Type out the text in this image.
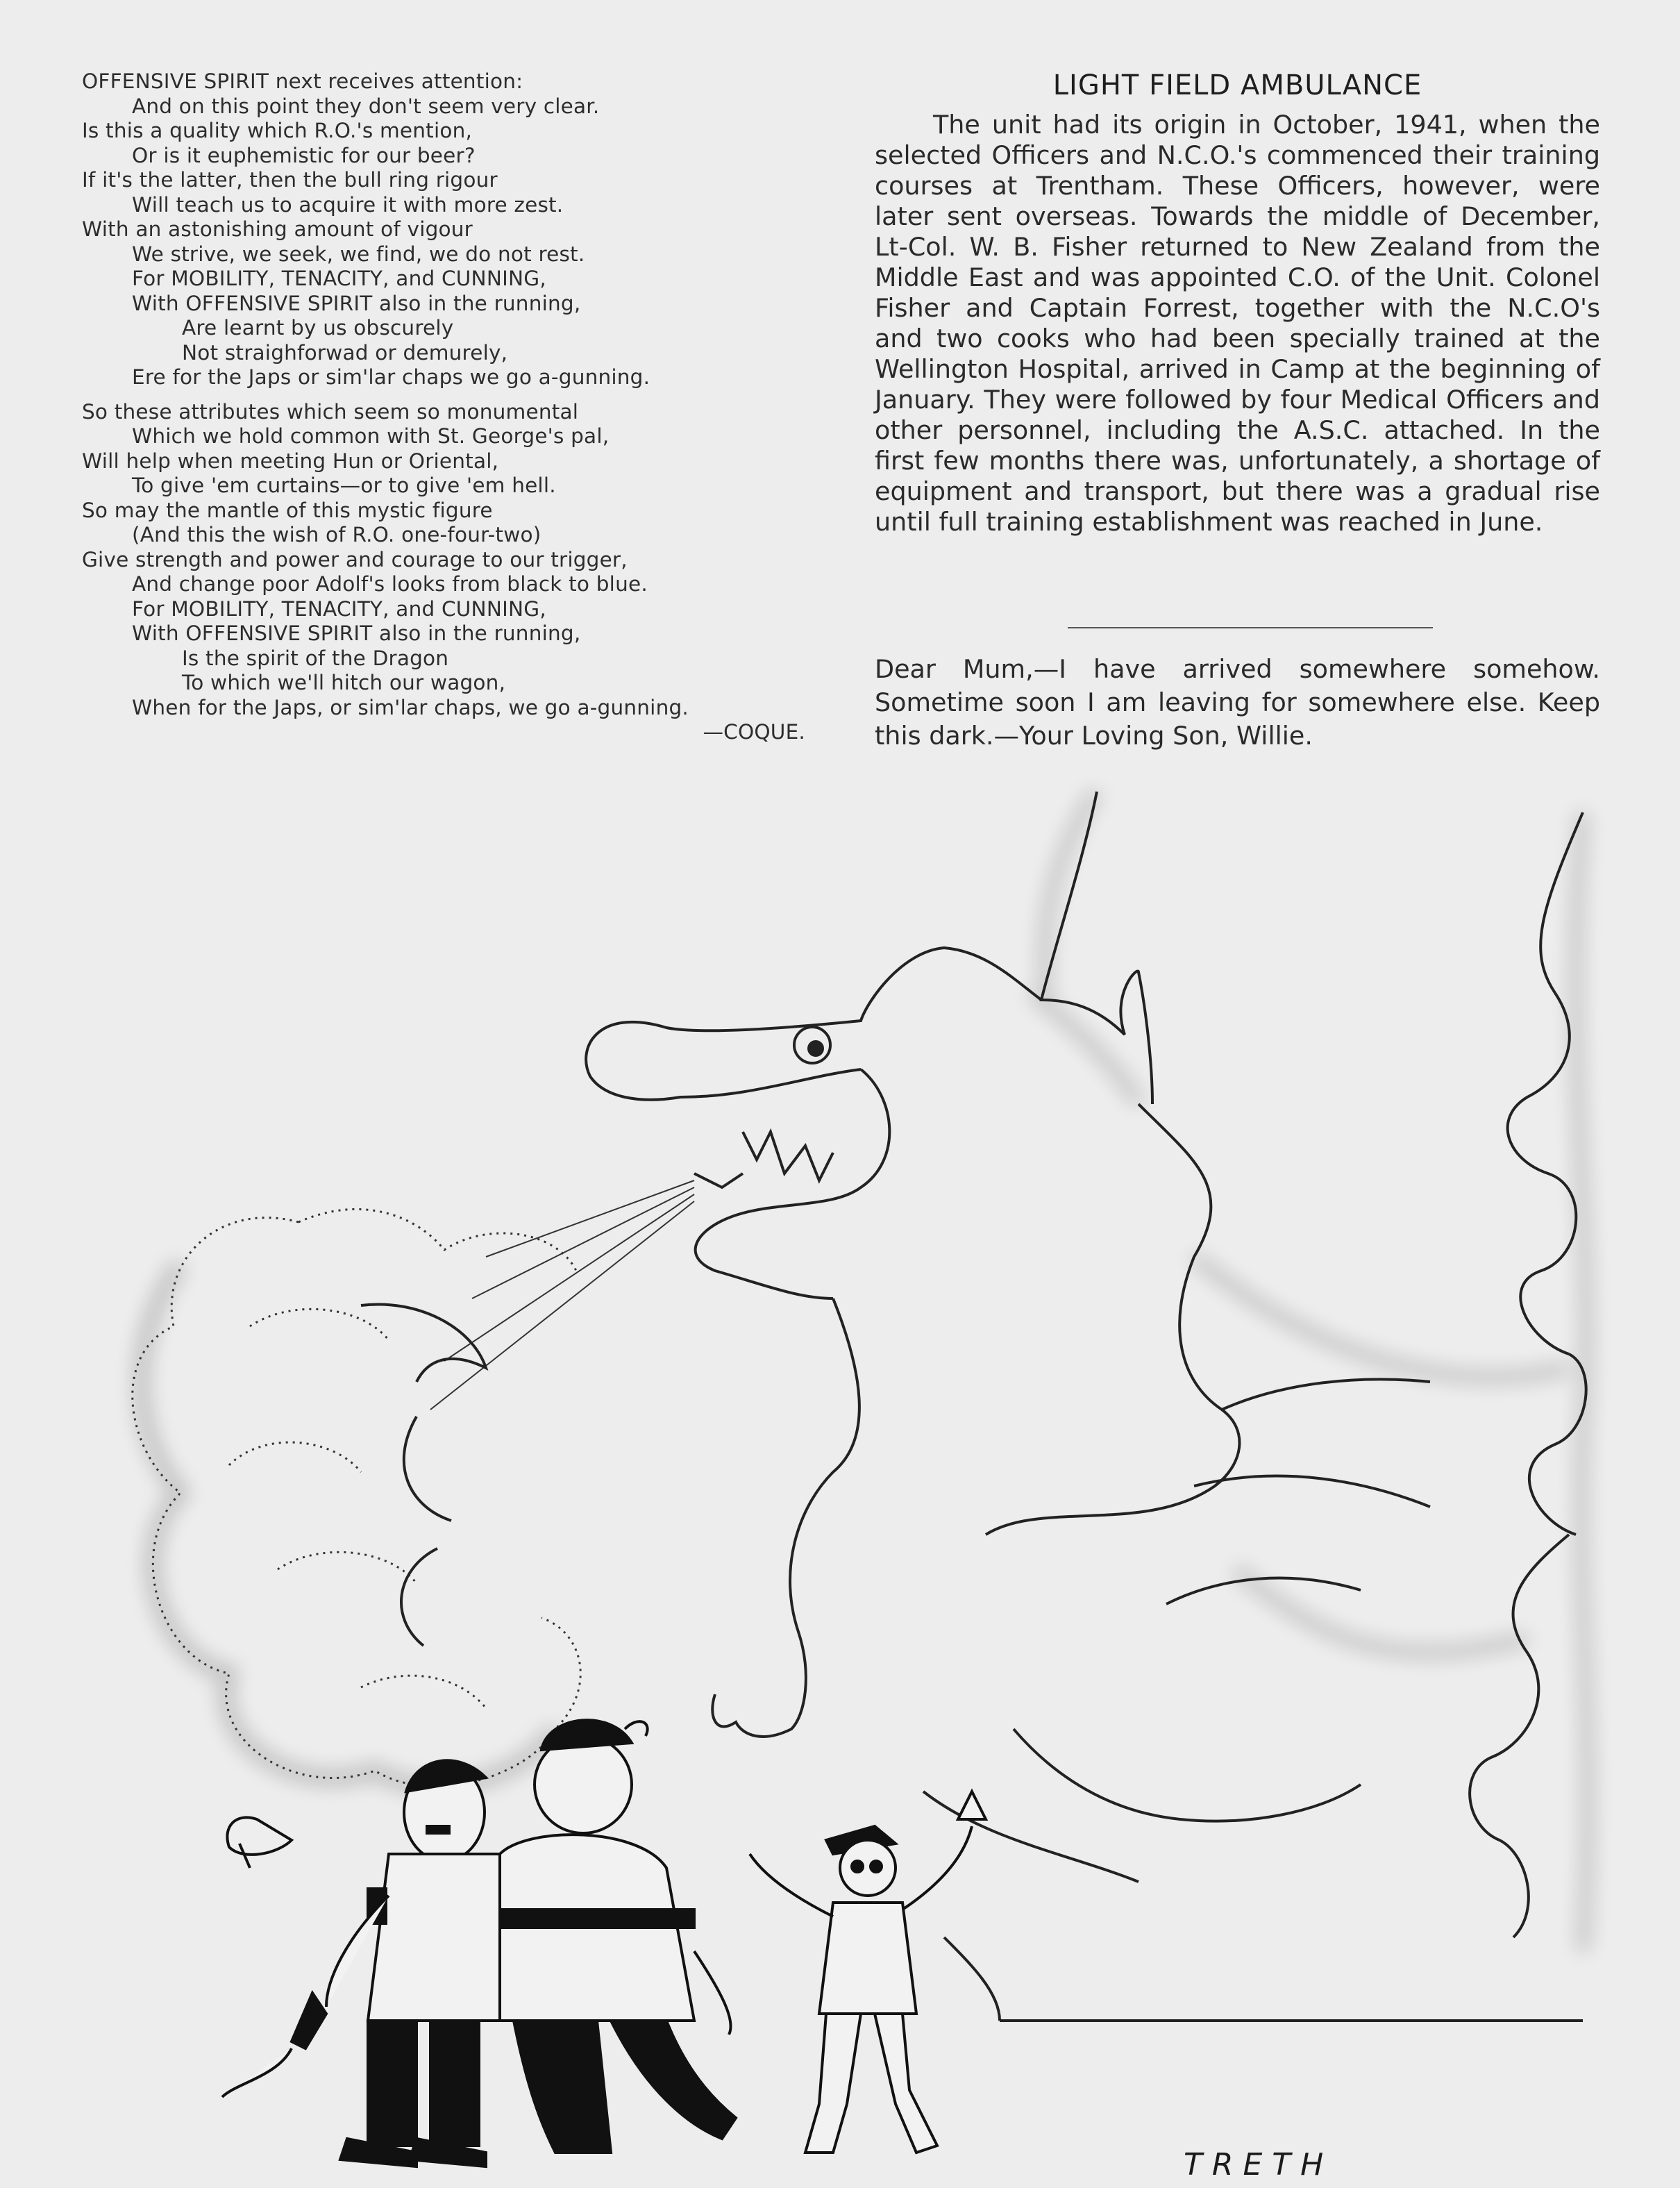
OFFENSIVE SPIRIT next receives attention:
And on this point they don't seem very clear.
Is this a quality which R.O.'s mention,
Or is it euphemistic for our beer?
If it's the latter, then the bull ring rigour
Will teach us to acquire it with more zest.
With an astonishing amount of vigour
We strive, we seek, we find, we do not rest.
For MOBILITY, TENACITY, and CUNNING,
With OFFENSIVE SPIRIT also in the running,
Are learnt by us obscurely
Not straighforwad or demurely,
Ere for the Japs or sim'lar chaps we go a-gunning.
So these attributes which seem so monumental
Which we hold common with St. George's pal,
Will help when meeting Hun or Oriental,
To give 'em curtains—or to give 'em hell.
So may the mantle of this mystic figure
(And this the wish of R.O. one-four-two)
Give strength and power and courage to our trigger,
And change poor Adolf's looks from black to blue.
For MOBILITY, TENACITY, and CUNNING,
With OFFENSIVE SPIRIT also in the running,
Is the spirit of the Dragon
To which we'll hitch our wagon,
When for the Japs, or sim'lar chaps, we go a-gunning.
—COQUE.
LIGHT FIELD AMBULANCE

The unit had its origin in October, 1941, when the selected Officers and N.C.O.'s commenced their training courses at Trentham. These Officers, however, were later sent overseas. Towards the middle of December, Lt-Col. W. B. Fisher returned to New Zealand from the Middle East and was appointed C.O. of the Unit. Colonel Fisher and Captain Forrest, together with the N.C.O's and two cooks who had been specially trained at the Wellington Hospital, arrived in Camp at the beginning of January. They were followed by four Medical Officers and other personnel, including the A.S.C. attached. In the first few months there was, unfortunately, a shortage of equipment and transport, but there was a gradual rise until full training establishment was reached in June.

Dear Mum,—I have arrived somewhere somehow. Sometime soon I am leaving for somewhere else. Keep this dark.—Your Loving Son, Willie.

TRETH
